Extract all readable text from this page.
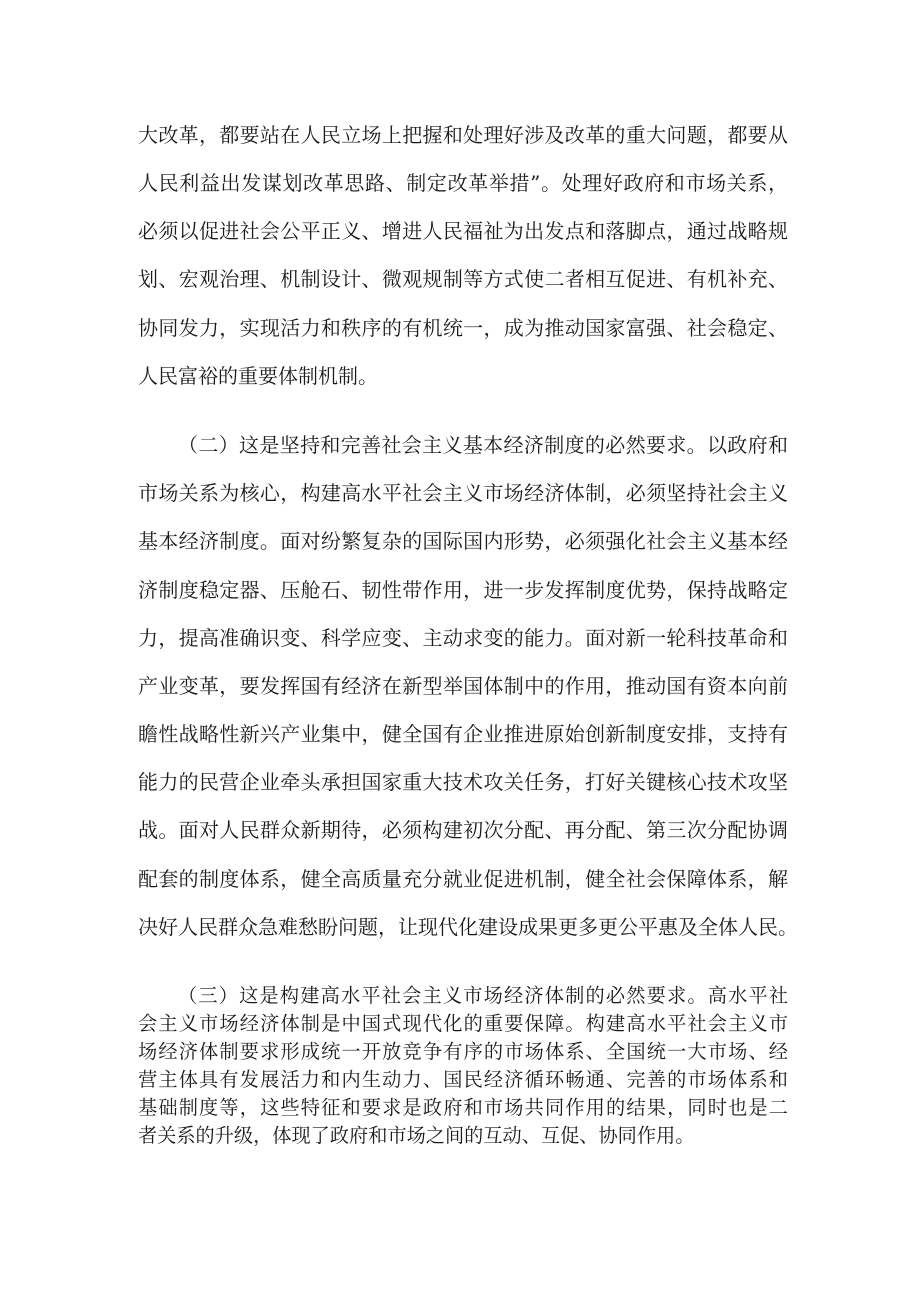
大改革，都要站在人民立场上把握和处理好涉及改革的重大问题，都要从
人民利益出发谋划改革思路、制定改革举措”。处理好政府和市场关系，
必须以促进社会公平正义、增进人民福祉为出发点和落脚点，通过战略规
划、宏观治理、机制设计、微观规制等方式使二者相互促进、有机补充、
协同发力，实现活力和秩序的有机统一，成为推动国家富强、社会稳定、
人民富裕的重要体制机制。
（二）这是坚持和完善社会主义基本经济制度的必然要求。以政府和
市场关系为核心，构建高水平社会主义市场经济体制，必须坚持社会主义
基本经济制度。面对纷繁复杂的国际国内形势，必须强化社会主义基本经
济制度稳定器、压舱石、韧性带作用，进一步发挥制度优势，保持战略定
力，提高准确识变、科学应变、主动求变的能力。面对新一轮科技革命和
产业变革，要发挥国有经济在新型举国体制中的作用，推动国有资本向前
瞻性战略性新兴产业集中，健全国有企业推进原始创新制度安排，支持有
能力的民营企业牵头承担国家重大技术攻关任务，打好关键核心技术攻坚
战。面对人民群众新期待，必须构建初次分配、再分配、第三次分配协调
配套的制度体系，健全高质量充分就业促进机制，健全社会保障体系，解
决好人民群众急难愁盼问题，让现代化建设成果更多更公平惠及全体人民。
（三）这是构建高水平社会主义市场经济体制的必然要求。高水平社
会主义市场经济体制是中国式现代化的重要保障。构建高水平社会主义市
场经济体制要求形成统一开放竞争有序的市场体系、全国统一大市场、经
营主体具有发展活力和内生动力、国民经济循环畅通、完善的市场体系和
基础制度等，这些特征和要求是政府和市场共同作用的结果，同时也是二
者关系的升级，体现了政府和市场之间的互动、互促、协同作用。
